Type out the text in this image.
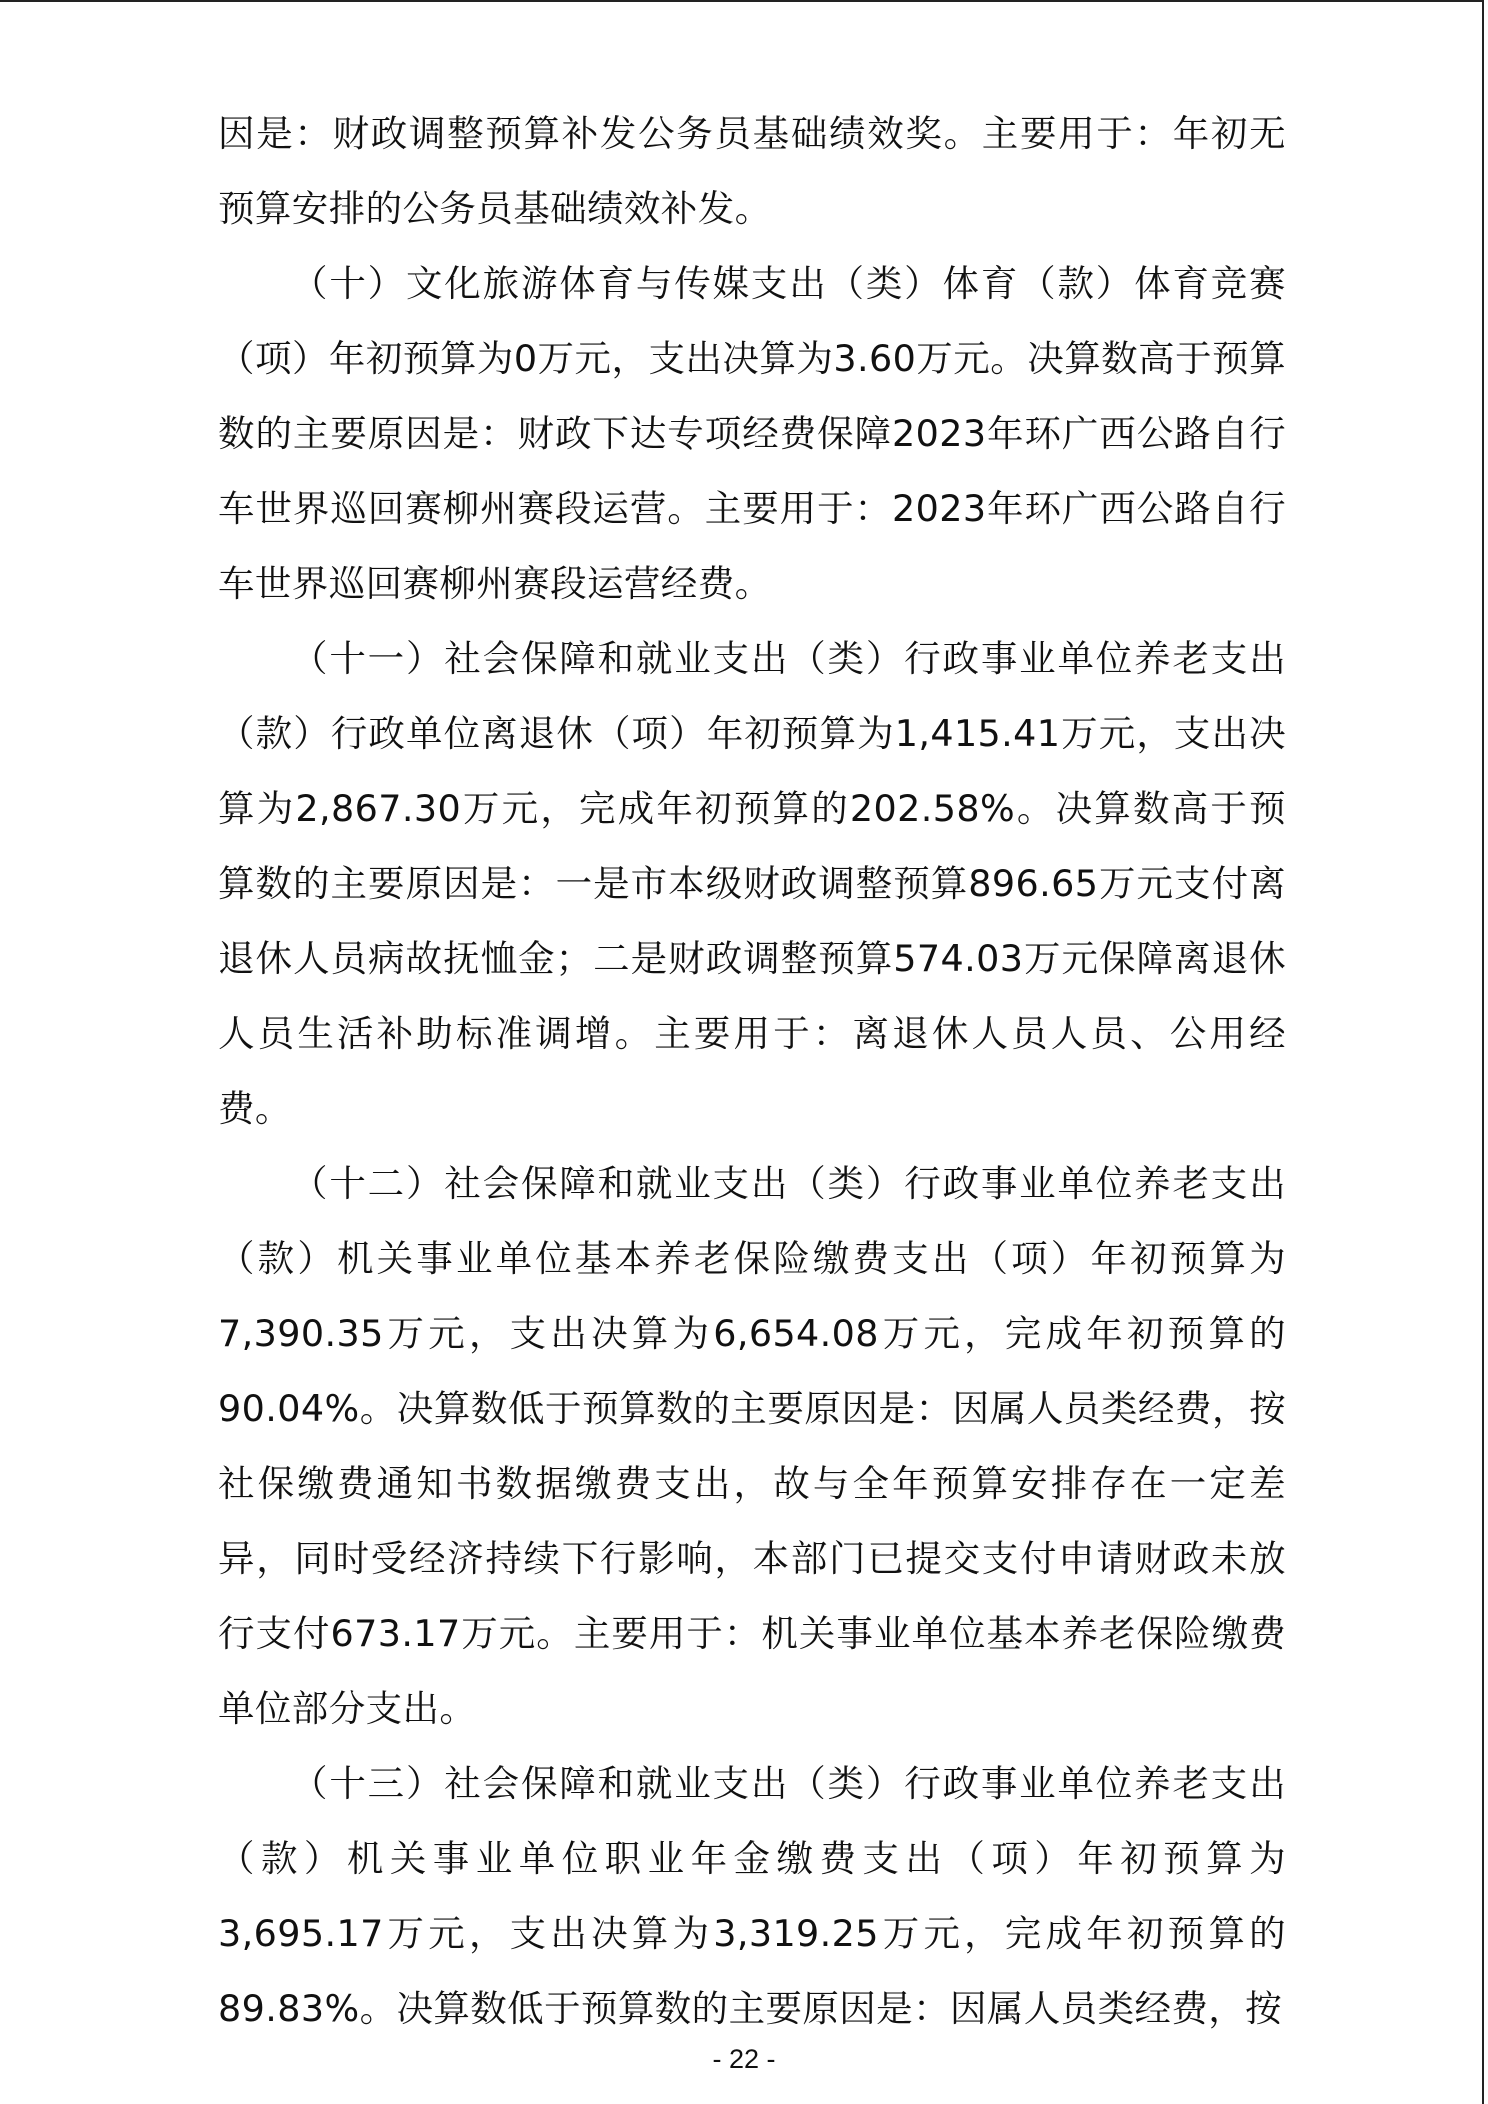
因是：财政调整预算补发公务员基础绩效奖。主要用于：年初无预算安排的公务员基础绩效补发。

（十）文化旅游体育与传媒支出（类）体育（款）体育竞赛（项）年初预算为0万元，支出决算为3.60万元。决算数高于预算数的主要原因是：财政下达专项经费保障2023年环广西公路自行车世界巡回赛柳州赛段运营。主要用于：2023年环广西公路自行车世界巡回赛柳州赛段运营经费。

（十一）社会保障和就业支出（类）行政事业单位养老支出（款）行政单位离退休（项）年初预算为1,415.41万元，支出决算为2,867.30万元，完成年初预算的202.58%。决算数高于预算数的主要原因是：一是市本级财政调整预算896.65万元支付离退休人员病故抚恤金；二是财政调整预算574.03万元保障离退休人员生活补助标准调增。主要用于：离退休人员人员、公用经费。

（十二）社会保障和就业支出（类）行政事业单位养老支出（款）机关事业单位基本养老保险缴费支出（项）年初预算为7,390.35万元，支出决算为6,654.08万元，完成年初预算的90.04%。决算数低于预算数的主要原因是：因属人员类经费，按社保缴费通知书数据缴费支出，故与全年预算安排存在一定差异，同时受经济持续下行影响，本部门已提交支付申请财政未放行支付673.17万元。主要用于：机关事业单位基本养老保险缴费单位部分支出。

（十三）社会保障和就业支出（类）行政事业单位养老支出（款）机关事业单位职业年金缴费支出（项）年初预算为3,695.17万元，支出决算为3,319.25万元，完成年初预算的89.83%。决算数低于预算数的主要原因是：因属人员类经费，按

- 22 -
